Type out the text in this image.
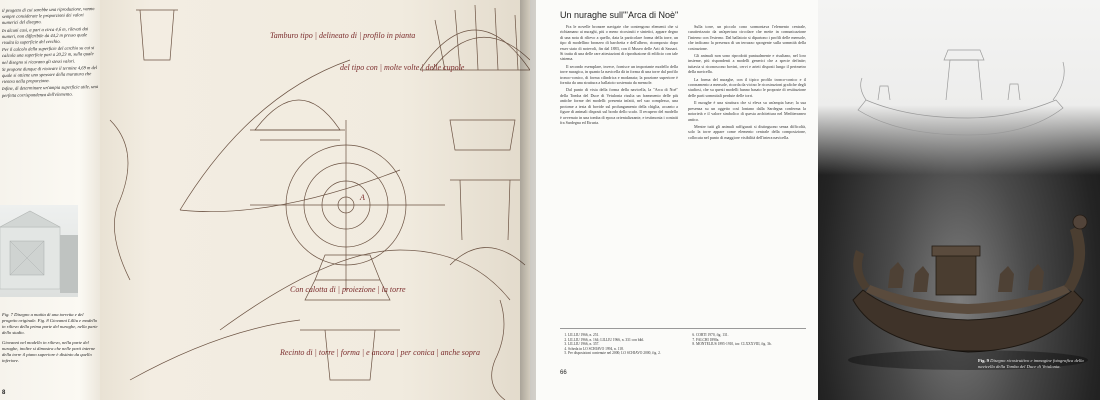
il progetto di cui sarebbe una riproduzione, vanno sempre considerate le proporzioni dei valori numerici del disegno.

In alcuni casi, a pari a circa 4,6 m, rilevati dai numeri, non differibile da 44,2 m presso quale risulta la superficie del cerchio.

Per il calcolo della superficie del cerchio su cui si calcola una superficie pari a 20,23 m, sulla quale nel disegno si ricavano gli stessi valori.

Si propone dunque di ricavare il termine 4,69 m del quale si ottiene uno spessore della muratura che rientra nella proporzione.

Infine, di determinare un'ampia superficie utile, una perfetta corrispondenza dell'elemento.

Fig. 7 Disegno a matita di una torretta e del progetto originale. Fig. 8 Giovanni Lilliu e modello in rilievo della prima parte del nuraghe, nella parte dello studio.
Giovanni nel modello in rilievo, nella parte del nuraghe, inoltre si dimostra che nelle parti interne della torre il piano superiore è distinto da quello inferiore.
8
Tamburo tipo | delineato di | profilo in pianta
del tipo con | molte volte | delle cupole
A
Con calotta di | proiezione | la torre
Recinto di | torre | forma | e ancora | per conica | anche sopra
Un nuraghe sull'"Arca di Noè"

Fra le novelle bronzee navigate che contengono elementi che si richiamano ai nuraghi, più o meno ricostruiti e sintetici, appare degno di una nota di rilievo a quello, data la particolare forma della torre, un tipo di modellino bronzeo di barchetta e dell'albero, ricomposto dopo esser stato di notevoli, fin dal 1883, con il Museo delle Arti di Sassari. Si tratta di una delle rare attestazioni di riproduzione di edificio con tale sistema.

Il secondo esemplare, invece, fornisce un importante modello della torre nuragica, in quanto la navicella dà in forma di una torre dal profilo tronco-conico, di forma cilindrica e modanata; la porzione superiore è fornita da una struttura a ballatoio sostenuta da mensole.

Dal punto di vista della forma della navicella, la "Arca di Noè" della Tomba del Duce di Vetulonia risulta un frammento delle più antiche forme dei modelli: presenta infatti, nel suo complesso, una protome a testa di bovide sul prolungamento della chiglia, accanto a figure di animali disposti sul bordo dello scafo. Il recupero del modello è avvenuto in una tomba di epoca orientalizzante, e testimonia i contatti fra Sardegna ed Etruria.

Sulla torre, un piccolo cono sormontava l'elemento centrale, caratterizzato da un'apertura circolare che mette in comunicazione l'interno con l'esterno. Dal ballatoio si dipartono i profili delle mensole, che indicano la presenza di un terrazzo sporgente sulla sommità della costruzione.

Gli animali non sono riprodotti puntualmente e risultano, nel loro insieme, più rispondenti a modelli generici che a specie definite; tuttavia si riconoscono bovini, cervi e arieti disposti lungo il perimetro della navicella.

La forma del nuraghe, con il tipico profilo tronco-conico e il coronamento a mensole, ricorda da vicino le ricostruzioni grafiche degli studiosi, che su questi modelli hanno basato le proposte di restituzione delle parti sommitali perdute delle torri.

Il nuraghe è una struttura che si eleva su un'ampia base; la sua presenza su un oggetto così lontano dalla Sardegna conferma la notorietà e il valore simbolico di questa architettura nel Mediterraneo antico.

Mentre tutti gli animali raffigurati si distinguono senza difficoltà, solo la torre appare come elemento centrale della composizione, collocata nel punto di maggiore visibilità dell'intera navicella.

1. LILLIU 1966, n. 251.
2. LILLIU 1966, n. 164; LILLIU 1966, n. 331 con bibl.
3. LILLIU 1966, n. 357.
4. Scheda in LO SCHIAVO 1994, n. 118.
5. Per disposizioni contenute nel 2000; LO SCHIAVO 2000, fig. 2.
6. CORTI 1970, fig. 131.
7. FALCHI 1890a.
8. MONTELIUS 1895-1910, tav. CLXXXVIII, fig. 3b.
66
Fig. 9 Disegno ricostruttivo e immagine fotografica della navicella della Tomba del Duce di Vetulonia.
